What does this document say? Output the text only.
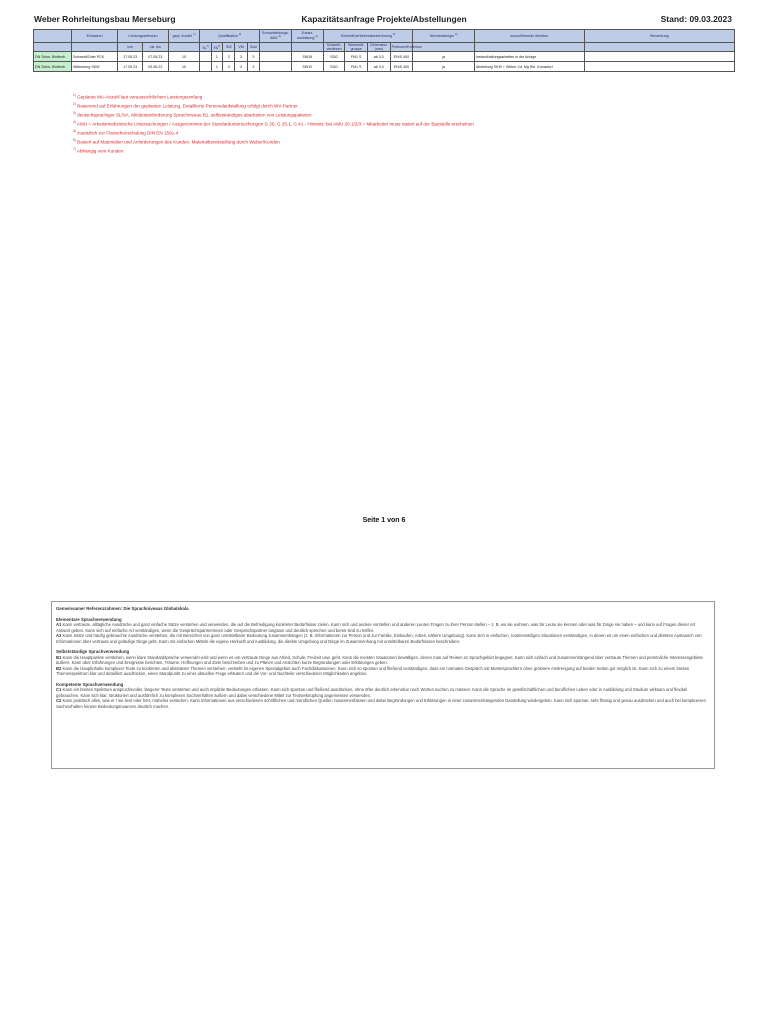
Weber Rohrleitungsbau Merseburg	Kapazitätsanfrage Projekte/Abstellungen	Stand: 09.03.2023
	Einsatzort	Leistungszeitraum		gepl. Anzahl $^{1)}$	Qualifikation $^{2)}$					Schutzkleidungs-ABG $^{3)}$	Zusatz-ausbildung $^{4)}$	Schweißverfahrensbezeichnung $^{5)}$				Wechselsteiger $^{6)}$	auszuführende Arbeiten	Bemerkung
		von	vsl. bis		SL$^{7)}$	FA$^{7)}$	SW	VM	Sokl			Schweiß-verfahren	Werkstoff-gruppe	Dimension (mm)	Prüfnorm/Kriterium			
DN Schw. Wolfenb.	Schwedt/Oder PCK	17.05.23	07.05.23	10		1	3	3	3		SW16	SDG	FM1 S	ab 3,0	EN/S 400	ja	Instandhaltungsarbeiten in der Anlage	
DN Schw. Wolfenb.	Wittenberg SKW	17.05.23	03.06.23	10		1	3	3	3		SW10	SDG	FM1 S	ab 3,0	EN/S 400	ja	Abstellung SKW + Weber Vd. Mg Rel. Komsdorf	
$^{1)}$ Geplante MA-Anzahl laut voraussichtlichem Leistungsumfang
$^{2)}$ Basierend auf Erfahrungen der geplanten Leistung. Detaillierte Personalaufstellung erfolgt durch WV-Partner
$^{3)}$ deutschsprachiger SL/VA, Mindestanforderung Sprachniveau B1, selbstständiges abarbeiten von Leistungspaketen
$^{4)}$ AMU = Arbeitsmedizinische Untersuchungen / Ausgenommen der Standarduntersuchungen G 20, G 25.1, G 41 - Hinweis: bei AMU 26.1/2/3 = Mitarbeiter muss rasiert auf der Baustelle erscheinen
$^{5)}$ zusätzlich zur Flanschenschulung DIN EN 1591-4
$^{6)}$ Basiert auf Materialien und Anforderungen des Kunden. Materialbereitstellung durch Weber/Kunden
$^{7)}$ Abhängig vom Kunden
Seite 1 von 6
Gemeinsamer Referenzrahmen: Die Sprachniveaus Globalskala
Elementare Sprachverwendung
A1 Kann vertraute, alltägliche Ausdrücke und ganz einfache Sätze verstehen und verwenden, die auf die Befriedigung konkreter Bedürfnisse zielen. Kann sich und andere vorstellen und anderen Leuten Fragen zu ihrer Person stellen – z. B. wo sie wohnen, was für Leute sie kennen oder was für Dinge sie haben – und kann auf Fragen dieser Art Antwort geben. Kann sich auf einfache Art verständigen, wenn die Gesprächspartnerinnen oder Gesprächspartner langsam und deutlich sprechen und bereit sind zu helfen.
A2 Kann Sätze und häufig gebrauchte Ausdrücke verstehen, die mit Bereichen von ganz unmittelbarer Bedeutung zusammenhängen (z. B. Informationen zur Person und zur Familie, Einkaufen, Arbeit, nähere Umgebung). Kann sich in einfachen, routinemäßigen Situationen verständigen, in denen es um einen einfachen und direkten Austausch von Informationen über vertraute und geläufige Dinge geht. Kann mit einfachen Mitteln die eigene Herkunft und Ausbildung, die direkte Umgebung und Dinge im Zusammenhang mit unmittelbaren Bedürfnissen beschreiben.
Selbstständige Sprachverwendung
B1 Kann die Hauptpunkte verstehen, wenn klare Standardsprache verwendet wird und wenn es um vertraute Dinge aus Arbeit, Schule, Freizeit usw. geht. Kann die meisten Situationen bewältigen, denen man auf Reisen im Sprachgebiet begegnet. Kann sich einfach und zusammenhängend über vertraute Themen und persönliche Interessengebiete äußern. Kann über Erfahrungen und Ereignisse berichten, Träume, Hoffnungen und Ziele beschreiben und zu Plänen und Ansichten kurze Begründungen oder Erklärungen geben.
B2 Kann die Hauptinhalte komplexer Texte zu konkreten und abstrakten Themen verstehen; versteht im eigenen Spezialgebiet auch Fachdiskussionen. Kann sich so spontan und fließend verständigen, dass ein normales Gespräch mit Muttersprachlern ohne grössere Anstrengung auf beiden Seiten gut möglich ist. Kann sich zu einem breiten Themenspektrum klar und detailliert ausdrücken, einen Standpunkt zu einer aktuellen Frage erläutern und die Vor- und Nachteile verschiedener Möglichkeiten angeben.
Kompetente Sprachverwendung
C1 Kann ein breites Spektrum anspruchsvoller, längerer Texte verstehen und auch implizite Bedeutungen erfassen. Kann sich spontan und fließend ausdrücken, ohne öfter deutlich erkennbar nach Worten suchen zu müssen. Kann die Sprache im gesellschaftlichen und beruflichen Leben oder in Ausbildung und Studium wirksam und flexibel gebrauchen. Kann sich klar, strukturiert und ausführlich zu komplexen Sachverhalten äußern und dabei verschiedene Mittel zur Textverknüpfung angemessen verwenden.
C2 Kann praktisch alles, was er / sie liest oder hört, mühelos verstehen. Kann Informationen aus verschiedenen schriftlichen und mündlichen Quellen zusammenfassen und dabei Begründungen und Erklärungen in einer zusammenhängenden Darstellung wiedergeben. Kann sich spontan, sehr flüssig und genau ausdrücken und auch bei komplexeren Sachverhalten feinere Bedeutungsnuancen deutlich machen.
